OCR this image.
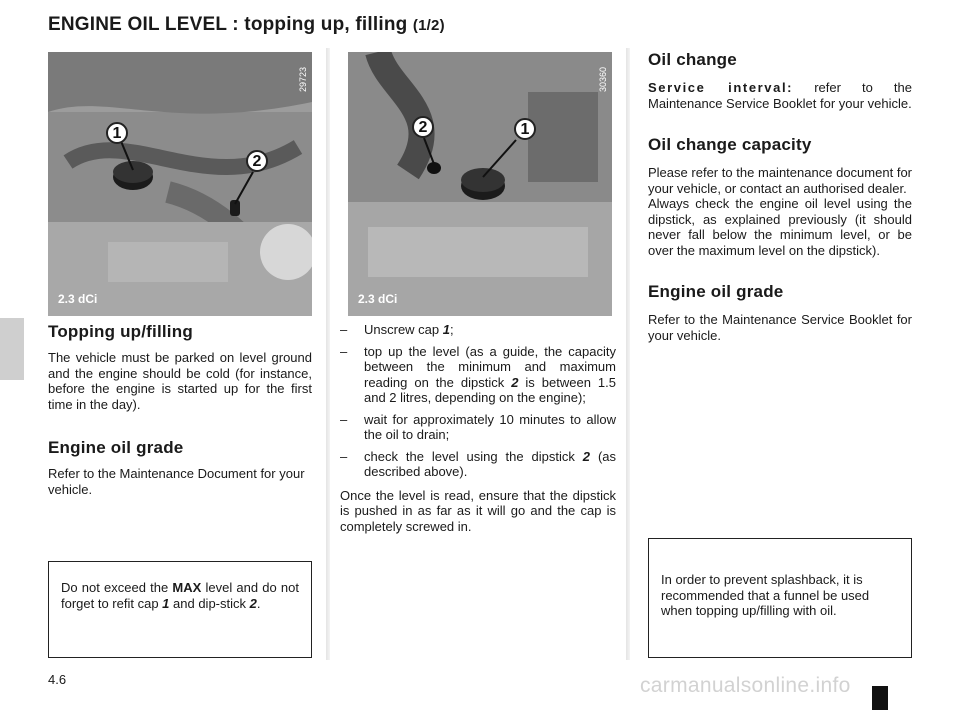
ENGINE OIL LEVEL : topping up, filling (1/2)
29723
1
2
2.3 dCi
30360
2	1
2.3 dCi
Topping up/filling

The vehicle must be parked on level ground and the engine should be cold (for instance, before the engine is started up for the first time in the day).

Engine oil grade

Refer to the Maintenance Document for your vehicle.

Do not exceed the MAX level and do not forget to refit cap 1 and dip-stick 2.

– Unscrew cap 1;
– top up the level (as a guide, the capacity between the minimum and maximum reading on the dipstick 2 is between 1.5 and 2 litres, depending on the engine);
– wait for approximately 10 minutes to allow the oil to drain;
– check the level using the dipstick 2 (as described above).

Once the level is read, ensure that the dipstick is pushed in as far as it will go and the cap is completely screwed in.

Oil change

Service interval: refer to the Maintenance Service Booklet for your vehicle.

Oil change capacity

Please refer to the maintenance document for your vehicle, or contact an authorised dealer.

Always check the engine oil level using the dipstick, as explained previously (it should never fall below the minimum level, or be over the maximum level on the dipstick).

Engine oil grade

Refer to the Maintenance Service Booklet for your vehicle.

In order to prevent splashback, it is recommended that a funnel be used when topping up/filling with oil.

4.6	carmanualsonline.info
